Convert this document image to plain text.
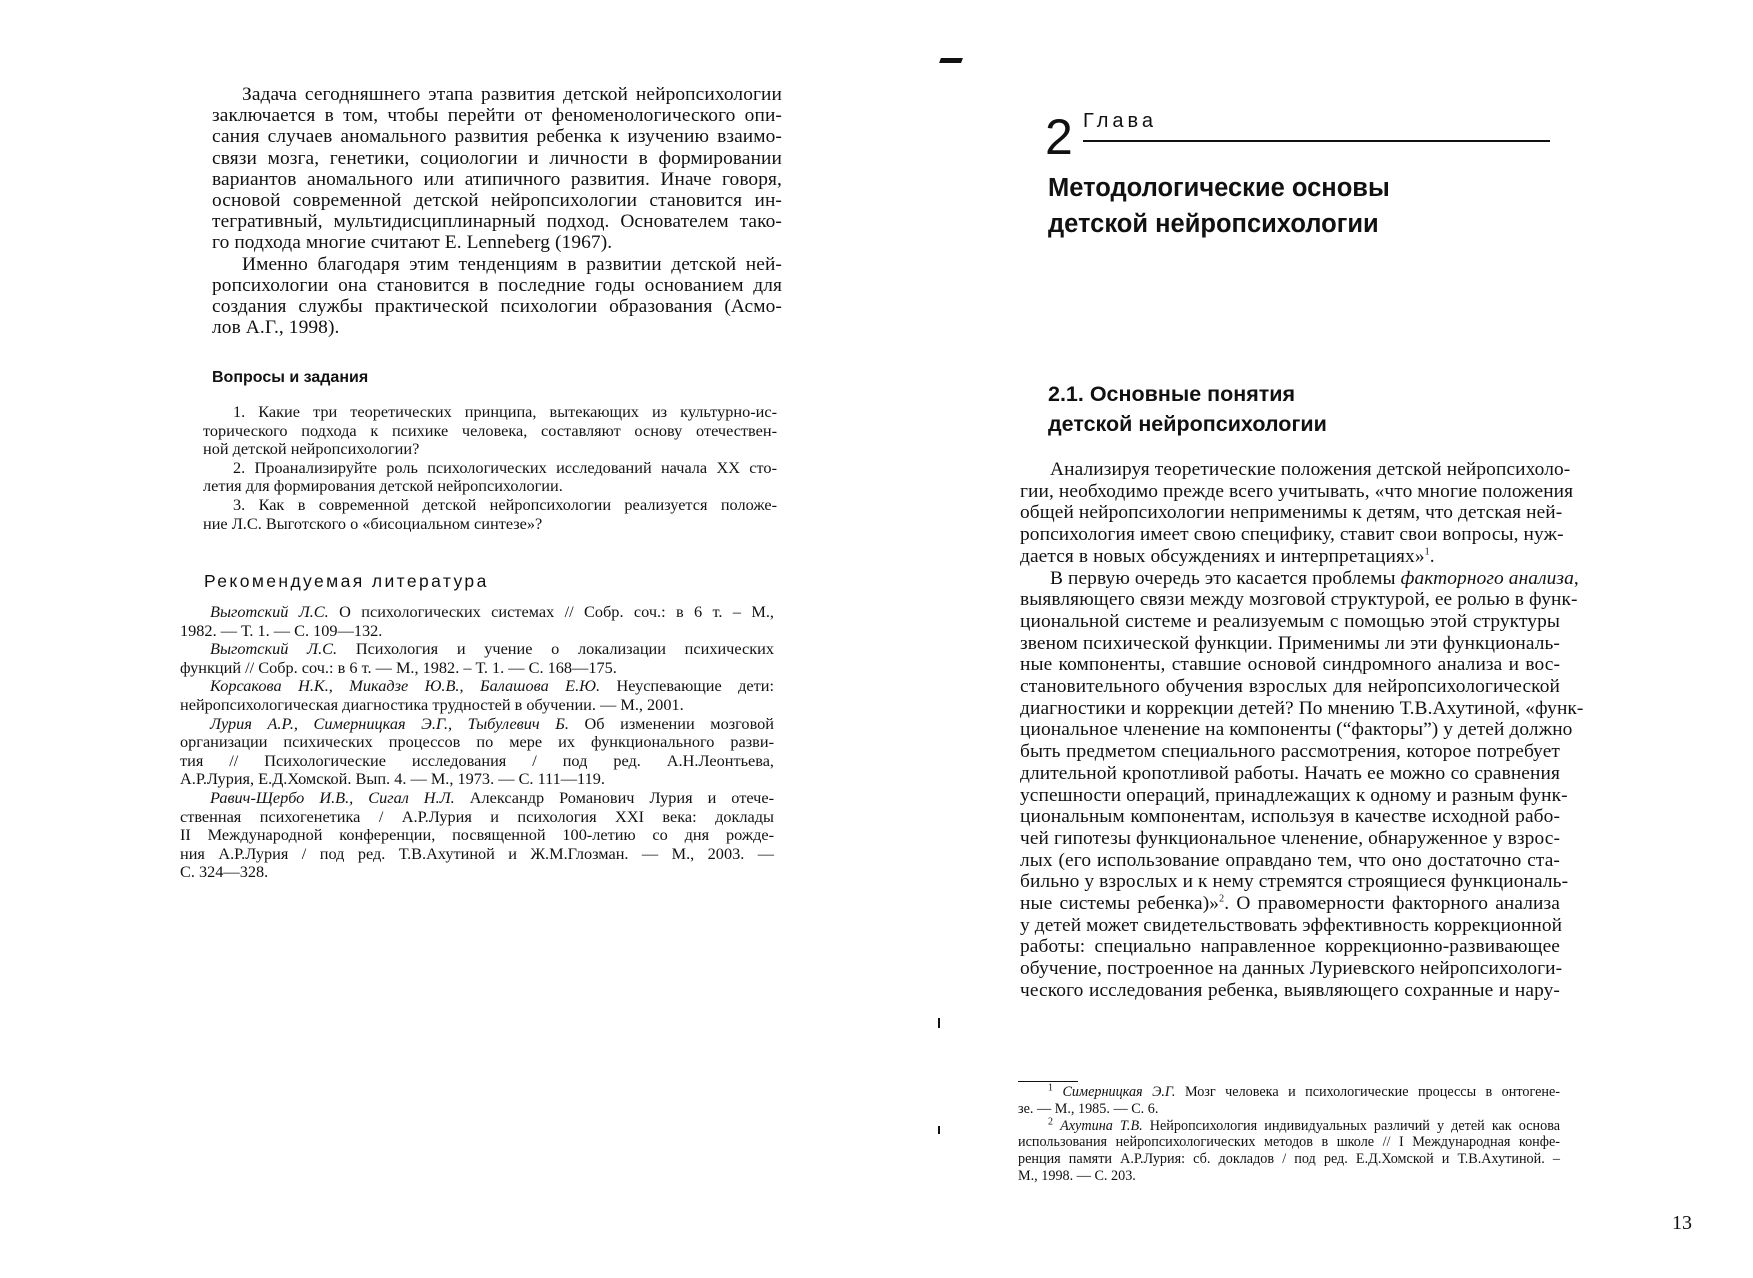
Задача сегодняшнего этапа развития детской нейропсихологии
заключается в том, чтобы перейти от феноменологического опи-
сания случаев аномального развития ребенка к изучению взаимо-
связи мозга, генетики, социологии и личности в формировании
вариантов аномального или атипичного развития. Иначе говоря,
основой современной детской нейропсихологии становится ин-
тегративный, мультидисциплинарный подход. Основателем тако-
го подхода многие считают E. Lenneberg (1967).
Именно благодаря этим тенденциям в развитии детской ней-
ропсихологии она становится в последние годы основанием для
создания службы практической психологии образования (Асмо-
лов А.Г., 1998).
Вопросы и задания
1. Какие три теоретических принципа, вытекающих из культурно-ис-
торического подхода к психике человека, составляют основу отечествен-
ной детской нейропсихологии?
2. Проанализируйте роль психологических исследований начала XX сто-
летия для формирования детской нейропсихологии.
3. Как в современной детской нейропсихологии реализуется положе-
ние Л.С. Выготского о «бисоциальном синтезе»?
Рекомендуемая литература
Выготский Л.С. О психологических системах // Собр. соч.: в 6 т. – М.,
1982. — Т. 1. — С. 109—132.
Выготский Л.С. Психология и учение о локализации психических
функций // Собр. соч.: в 6 т. — М., 1982. – Т. 1. — С. 168—175.
Корсакова Н.К., Микадзе Ю.В., Балашова Е.Ю. Неуспевающие дети:
нейропсихологическая диагностика трудностей в обучении. — М., 2001.
Лурия А.Р., Симерницкая Э.Г., Тыбулевич Б. Об изменении мозговой
организации психических процессов по мере их функционального разви-
тия // Психологические исследования / под ред. А.Н.Леонтьева,
А.Р.Лурия, Е.Д.Хомской. Вып. 4. — М., 1973. — С. 111—119.
Равич-Щербо И.В., Сигал Н.Л. Александр Романович Лурия и отече-
ственная психогенетика / А.Р.Лурия и психология XXI века: доклады
II Международной конференции, посвященной 100-летию со дня рожде-
ния А.Р.Лурия / под ред. Т.В.Ахутиной и Ж.М.Глозман. — М., 2003. —
С. 324—328.
2 Глава
Методологические основы
детской нейропсихологии
2.1. Основные понятия
детской нейропсихологии
Анализируя теоретические положения детской нейропсихоло-
гии, необходимо прежде всего учитывать, «что многие положения
общей нейропсихологии неприменимы к детям, что детская ней-
ропсихология имеет свою специфику, ставит свои вопросы, нуж-
дается в новых обсуждениях и интерпретациях»$^1$.
В первую очередь это касается проблемы факторного анализа,
выявляющего связи между мозговой структурой, ее ролью в функ-
циональной системе и реализуемым с помощью этой структуры
звеном психической функции. Применимы ли эти функциональ-
ные компоненты, ставшие основой синдромного анализа и вос-
становительного обучения взрослых для нейропсихологической
диагностики и коррекции детей? По мнению Т.В.Ахутиной, «функ-
циональное членение на компоненты (“факторы”) у детей должно
быть предметом специального рассмотрения, которое потребует
длительной кропотливой работы. Начать ее можно со сравнения
успешности операций, принадлежащих к одному и разным функ-
циональным компонентам, используя в качестве исходной рабо-
чей гипотезы функциональное членение, обнаруженное у взрос-
лых (его использование оправдано тем, что оно достаточно ста-
бильно у взрослых и к нему стремятся строящиеся функциональ-
ные системы ребенка)»$^2$. О правомерности факторного анализа
у детей может свидетельствовать эффективность коррекционной
работы: специально направленное коррекционно-развивающее
обучение, построенное на данных Луриевского нейропсихологи-
ческого исследования ребенка, выявляющего сохранные и нару-
$^1$ Симерницкая Э.Г. Мозг человека и психологические процессы в онтогене-
зе. — М., 1985. — С. 6.
$^2$ Ахутина Т.В. Нейропсихология индивидуальных различий у детей как основа
использования нейропсихологических методов в школе // I Международная конфе-
ренция памяти А.Р.Лурия: сб. докладов / под ред. Е.Д.Хомской и Т.В.Ахутиной. –
М., 1998. — С. 203.
13
